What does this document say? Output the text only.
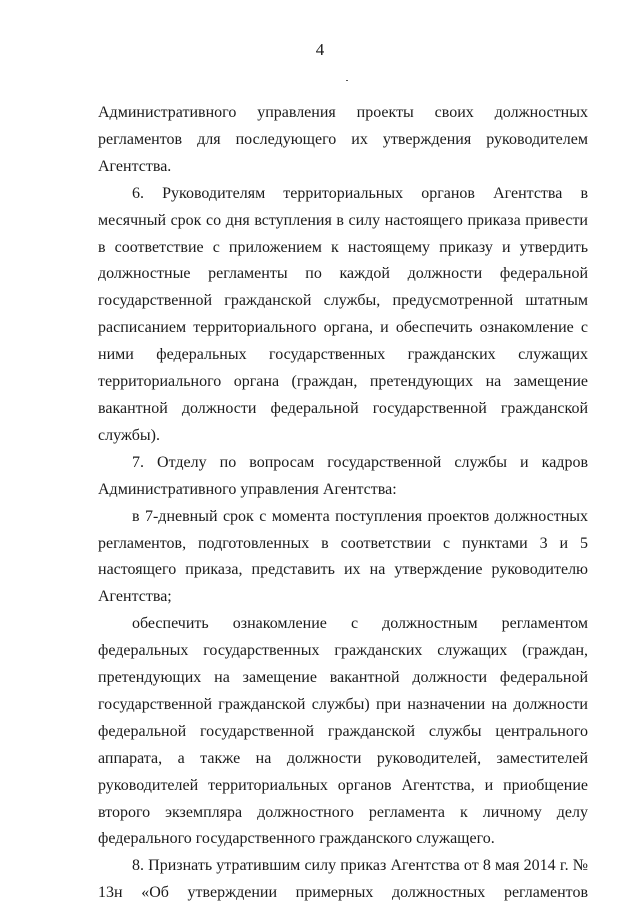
4

Административного управления проекты своих должностных регламентов для последующего их утверждения руководителем Агентства.

6. Руководителям территориальных органов Агентства в месячный срок со дня вступления в силу настоящего приказа привести в соответствие с приложением к настоящему приказу и утвердить должностные регламенты по каждой должности федеральной государственной гражданской службы, предусмотренной штатным расписанием территориального органа, и обеспечить ознакомление с ними федеральных государственных гражданских служащих территориального органа (граждан, претендующих на замещение вакантной должности федеральной государственной гражданской службы).

7. Отделу по вопросам государственной службы и кадров Административного управления Агентства:

в 7-дневный срок с момента поступления проектов должностных регламентов, подготовленных в соответствии с пунктами 3 и 5 настоящего приказа, представить их на утверждение руководителю Агентства;

обеспечить ознакомление с должностным регламентом федеральных государственных гражданских служащих (граждан, претендующих на замещение вакантной должности федеральной государственной гражданской службы) при назначении на должности федеральной государственной гражданской службы центрального аппарата, а также на должности руководителей, заместителей руководителей территориальных органов Агентства, и приобщение второго экземпляра должностного регламента к личному делу федерального государственного гражданского служащего.

8. Признать утратившим силу приказ Агентства от 8 мая 2014 г. № 13н «Об утверждении примерных должностных регламентов
